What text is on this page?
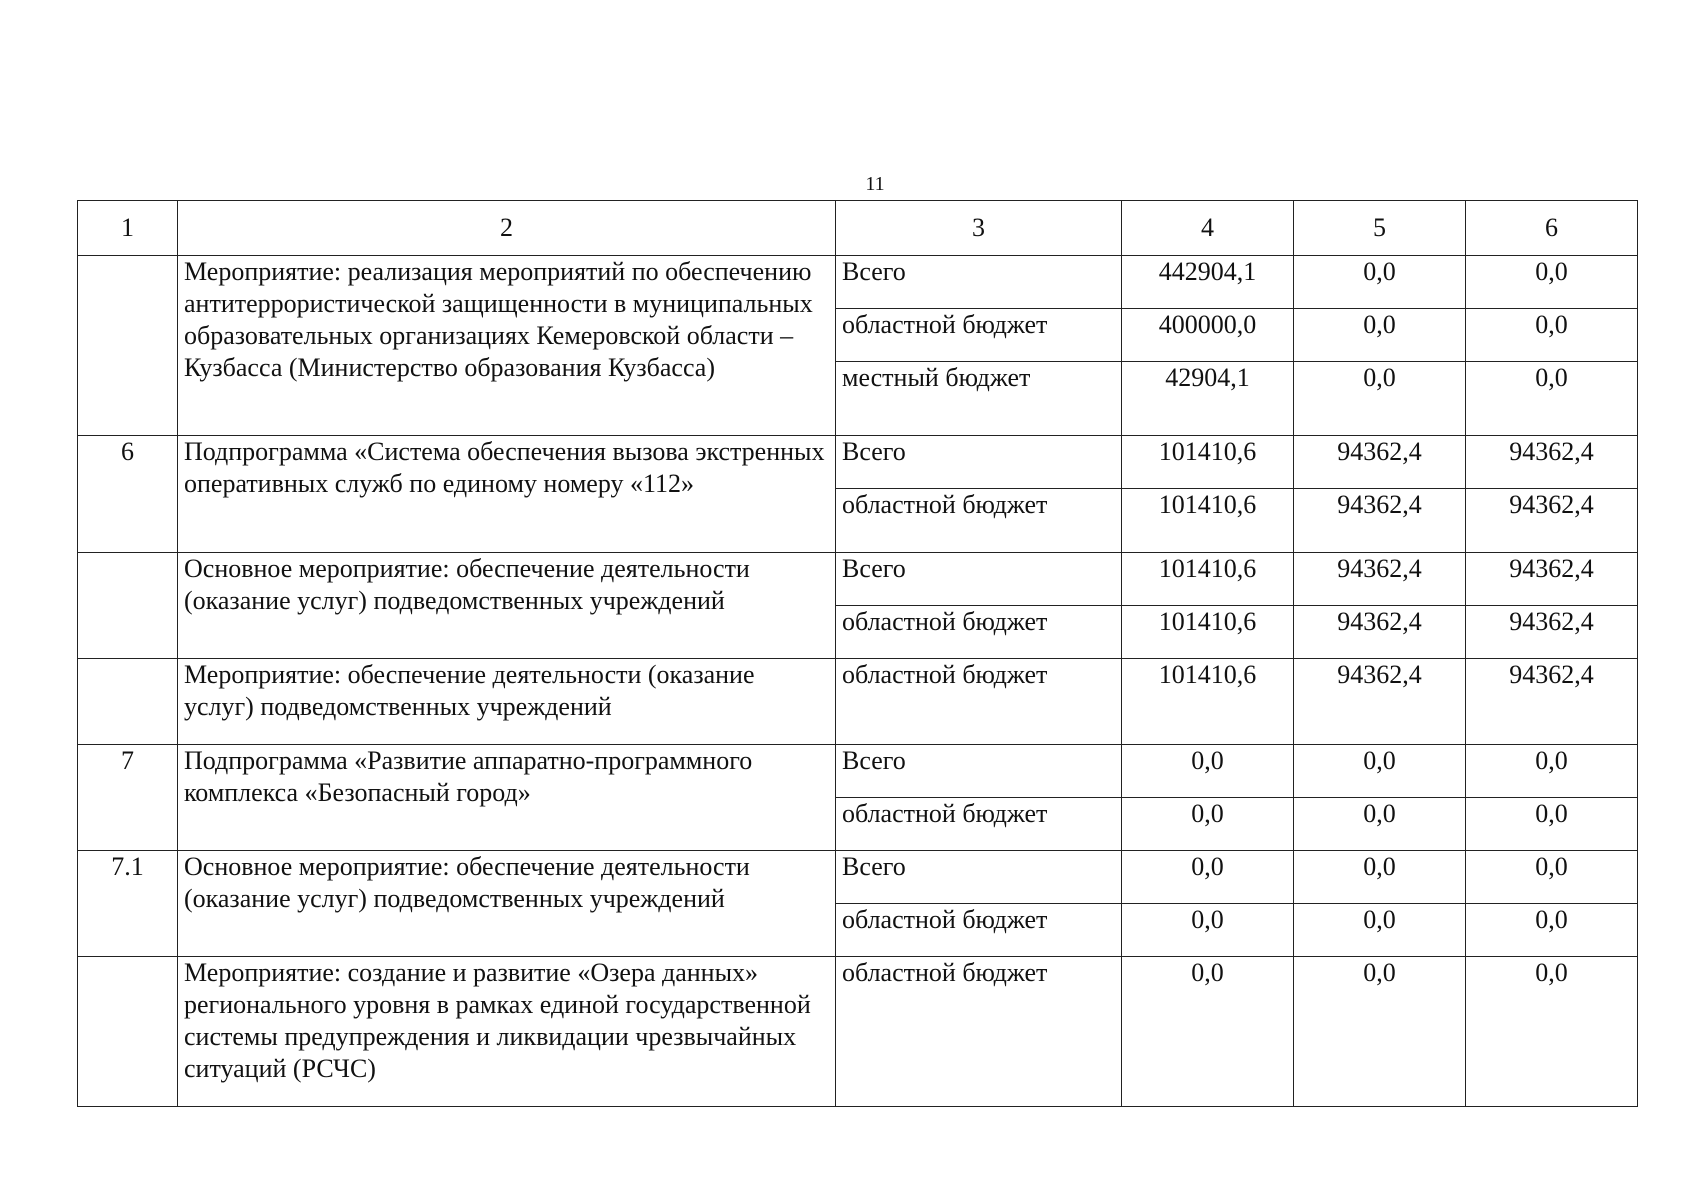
11
1	2	3	4	5	6
	Мероприятие: реализация мероприятий по обеспечению антитеррористической защищенности в муниципальных образовательных организациях Кемеровской области – Кузбасса (Министерство образования Кузбасса)	Всего	442904,1	0,0	0,0
		областной бюджет	400000,0	0,0	0,0
		местный бюджет	42904,1	0,0	0,0
6	Подпрограмма «Система обеспечения вызова экстренных оперативных служб по единому номеру «112»	Всего	101410,6	94362,4	94362,4
		областной бюджет	101410,6	94362,4	94362,4
	Основное мероприятие: обеспечение деятельности (оказание услуг) подведомственных учреждений	Всего	101410,6	94362,4	94362,4
		областной бюджет	101410,6	94362,4	94362,4
	Мероприятие: обеспечение деятельности (оказание услуг) подведомственных учреждений	областной бюджет	101410,6	94362,4	94362,4
7	Подпрограмма «Развитие аппаратно-программного комплекса «Безопасный город»	Всего	0,0	0,0	0,0
		областной бюджет	0,0	0,0	0,0
7.1	Основное мероприятие: обеспечение деятельности (оказание услуг) подведомственных учреждений	Всего	0,0	0,0	0,0
		областной бюджет	0,0	0,0	0,0
	Мероприятие: создание и развитие «Озера данных» регионального уровня в рамках единой государственной системы предупреждения и ликвидации чрезвычайных ситуаций (РСЧС)	областной бюджет	0,0	0,0	0,0
